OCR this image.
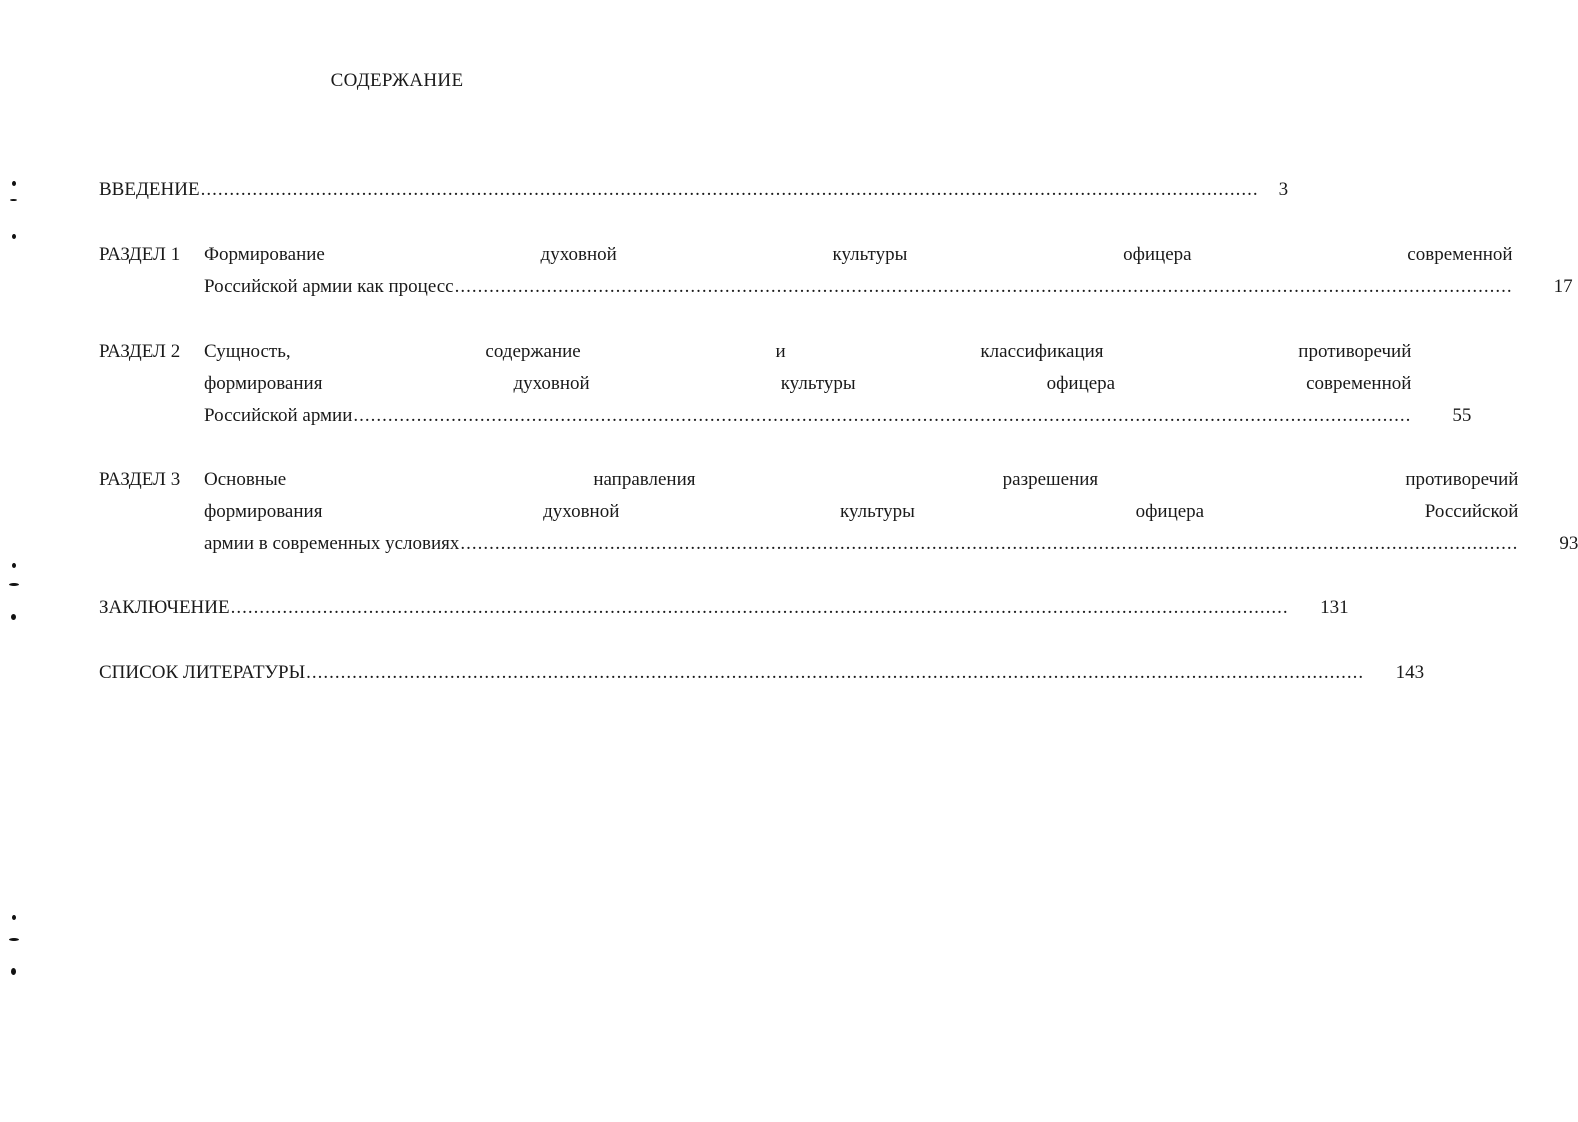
СОДЕРЖАНИЕ
ВВЕДЕНИЕ .....	3
РАЗДЕЛ 1	Формирование духовной культуры офицера современной
Российской армии как процесс .....	17
РАЗДЕЛ 2	Сущность, содержание и классификация противоречий
формирования духовной культуры офицера современной
Российской армии .....	55
РАЗДЕЛ 3	Основные направления разрешения противоречий
формирования духовной культуры офицера Российской
армии в современных условиях .....	93
ЗАКЛЮЧЕНИЕ .....	131
СПИСОК ЛИТЕРАТУРЫ .....	143
